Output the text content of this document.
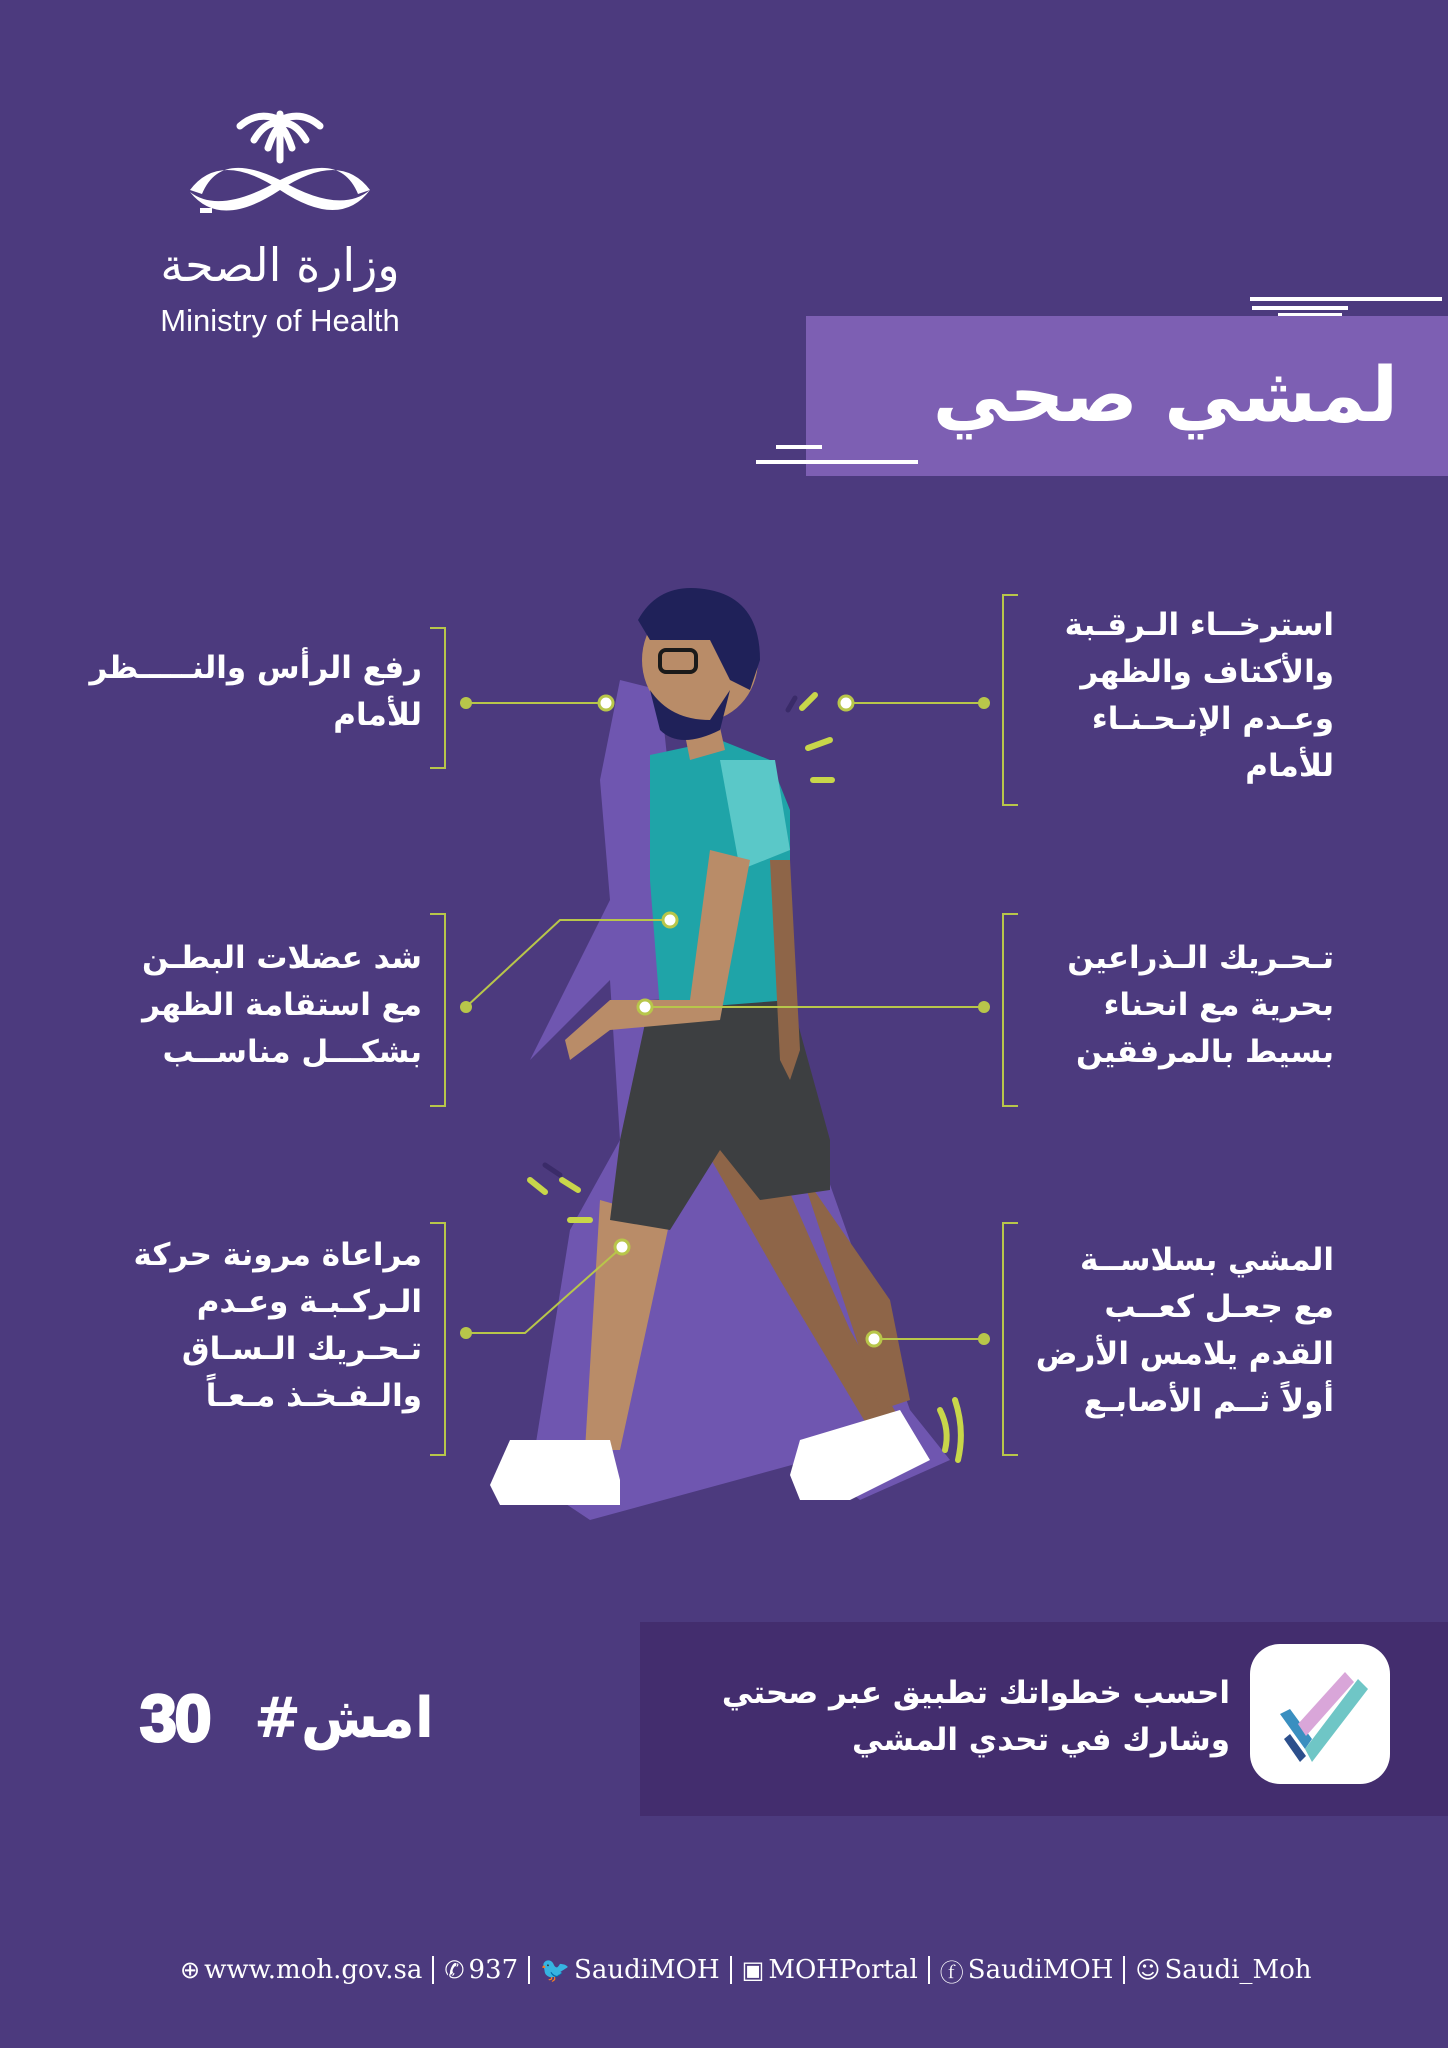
وزارة الصحة
Ministry of Health
لمشي صحي
رفع الرأس والنـــــظر
للأمام
استرخــاء الـرقـبة
والأكتاف والظهر
وعـدم الإنـحـنـاء
للأمام
شد عضلات البطـن
مع استقامة الظهر
بشكـــل مناســب
تـحـريك الـذراعين
بحرية مع انحناء
بسيط بالمرفقين
مراعاة مرونة حركة
الـركـبـة وعـدم
تـحـريك الـسـاق
والـفـخـذ مـعـاً
المشي بسلاســة
مع جعـل كعــب
القدم يلامس الأرض
أولاً ثــم الأصابـع
30 #امش	احسب خطواتك تطبيق عبر صحتي
وشارك في تحدي المشي
⊕ www.moh.gov.sa ✆ 937 🐦 SaudiMOH ▣ MOHPortal ⓕ SaudiMOH ☺ Saudi_Moh
